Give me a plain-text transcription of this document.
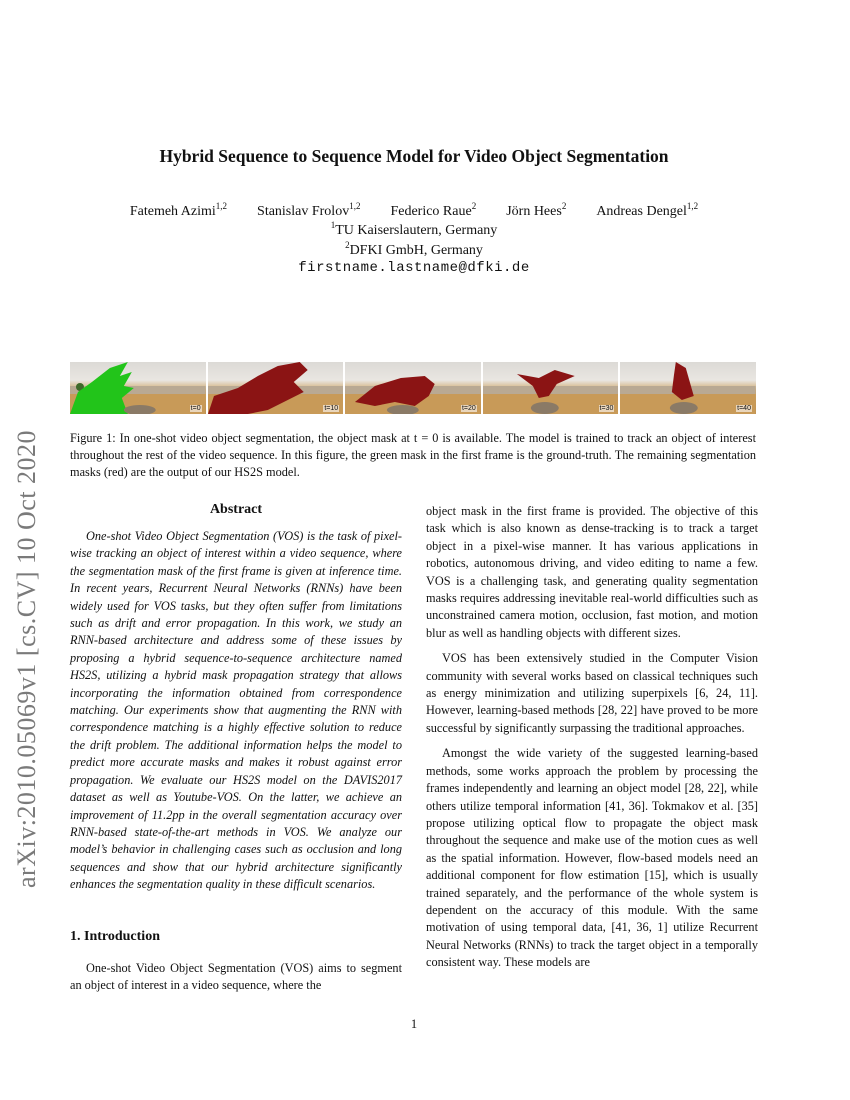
arXiv:2010.05069v1 [cs.CV] 10 Oct 2020
Hybrid Sequence to Sequence Model for Video Object Segmentation
Fatemeh Azimi$^{1,2}$ Stanislav Frolov$^{1,2}$ Federico Raue$^2$ Jörn Hees$^2$ Andreas Dengel$^{1,2}$
$^1$TU Kaiserslautern, Germany
$^2$DFKI GmbH, Germany
firstname.lastname@dfki.de
t=0	t=10	t=20	t=30	t=40
Figure 1: In one-shot video object segmentation, the object mask at t = 0 is available. The model is trained to track an object of interest throughout the rest of the video sequence. In this figure, the green mask in the first frame is the ground-truth. The remaining segmentation masks (red) are the output of our HS2S model.
Abstract
One-shot Video Object Segmentation (VOS) is the task of pixel-wise tracking an object of interest within a video sequence, where the segmentation mask of the first frame is given at inference time. In recent years, Recurrent Neural Networks (RNNs) have been widely used for VOS tasks, but they often suffer from limitations such as drift and error propagation. In this work, we study an RNN-based architecture and address some of these issues by proposing a hybrid sequence-to-sequence architecture named HS2S, utilizing a hybrid mask propagation strategy that allows incorporating the information obtained from correspondence matching. Our experiments show that augmenting the RNN with correspondence matching is a highly effective solution to reduce the drift problem. The additional information helps the model to predict more accurate masks and makes it robust against error propagation. We evaluate our HS2S model on the DAVIS2017 dataset as well as Youtube-VOS. On the latter, we achieve an improvement of 11.2pp in the overall segmentation accuracy over RNN-based state-of-the-art methods in VOS. We analyze our model’s behavior in challenging cases such as occlusion and long sequences and show that our hybrid architecture significantly enhances the segmentation quality in these difficult scenarios.
1. Introduction
One-shot Video Object Segmentation (VOS) aims to segment an object of interest in a video sequence, where the

object mask in the first frame is provided. The objective of this task which is also known as dense-tracking is to track a target object in a pixel-wise manner. It has various applications in robotics, autonomous driving, and video editing to name a few. VOS is a challenging task, and generating quality segmentation masks requires addressing inevitable real-world difficulties such as unconstrained camera motion, occlusion, fast motion, and motion blur as well as handling objects with different sizes.

VOS has been extensively studied in the Computer Vision community with several works based on classical techniques such as energy minimization and utilizing superpixels [6, 24, 11]. However, learning-based methods [28, 22] have proved to be more successful by significantly surpassing the traditional approaches.

Amongst the wide variety of the suggested learning-based methods, some works approach the problem by processing the frames independently and learning an object model [28, 22], while others utilize temporal information [41, 36]. Tokmakov et al. [35] propose utilizing optical flow to propagate the object mask throughout the sequence and make use of the motion cues as well as the spatial information. However, flow-based models need an additional component for flow estimation [15], which is usually trained separately, and the performance of the whole system is dependent on the accuracy of this module. With the same motivation of using temporal data, [41, 36, 1] utilize Recurrent Neural Networks (RNNs) to track the target object in a temporally consistent way. These models are

1
